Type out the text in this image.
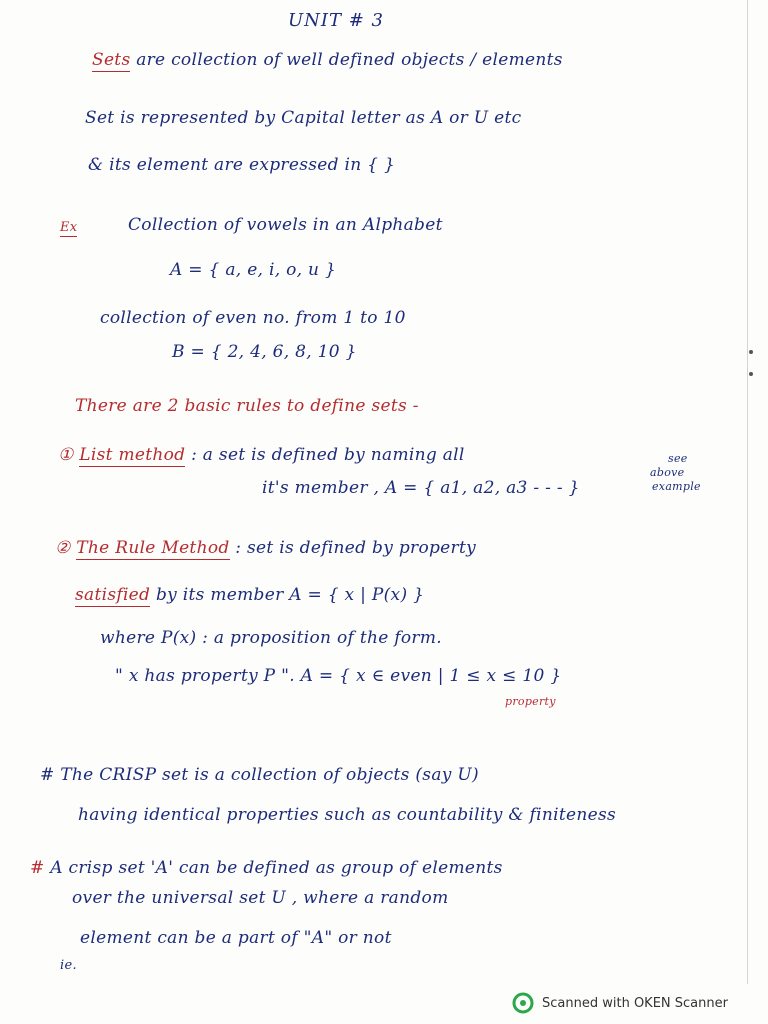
UNIT # 3
Sets are collection of well defined objects / elements
Set is represented by Capital letter as A or U etc
& its element are expressed in { }
Ex	Collection of vowels in an Alphabet
A = { a, e, i, o, u }
collection of even no. from 1 to 10
B = { 2, 4, 6, 8, 10 }
There are 2 basic rules to define sets -
① List method : a set is defined by naming all
it's member , A = { a1, a2, a3 - - - }
see
above
example
② The Rule Method : set is defined by property
satisfied by its member A = { x | P(x) }
where P(x) : a proposition of the form.
" x has property P ". A = { x ∈ even | 1 ≤ x ≤ 10 }
property
# The CRISP set is a collection of objects (say U)
having identical properties such as countability & finiteness
# A crisp set 'A' can be defined as group of elements
over the universal set U , where a random
element can be a part of "A" or not
ie.
Scanned with OKEN Scanner
